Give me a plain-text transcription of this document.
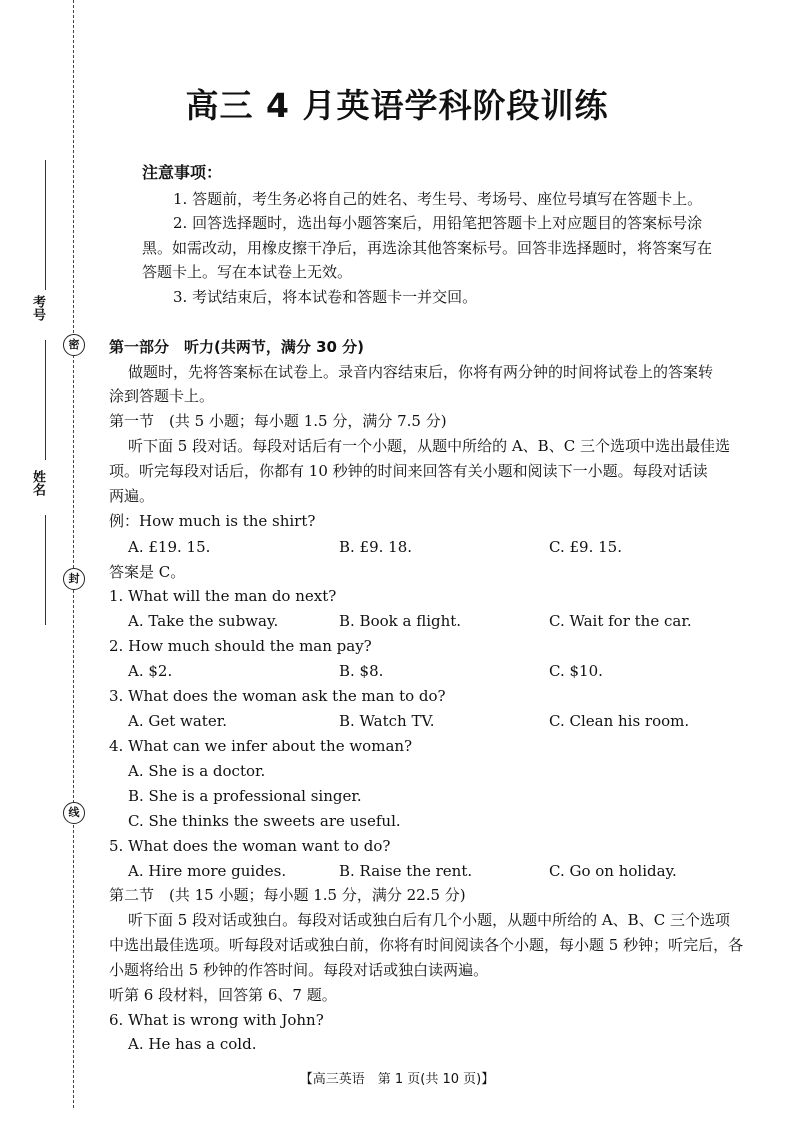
考号
姓名
密
封
线
高三 4 月英语学科阶段训练
注意事项：
1. 答题前，考生务必将自己的姓名、考生号、考场号、座位号填写在答题卡上。
2. 回答选择题时，选出每小题答案后，用铅笔把答题卡上对应题目的答案标号涂
黑。如需改动，用橡皮擦干净后，再选涂其他答案标号。回答非选择题时，将答案写在
答题卡上。写在本试卷上无效。
3. 考试结束后，将本试卷和答题卡一并交回。
第一部分　听力(共两节，满分 30 分)
做题时，先将答案标在试卷上。录音内容结束后，你将有两分钟的时间将试卷上的答案转
涂到答题卡上。
第一节　(共 5 小题；每小题 1.5 分，满分 7.5 分)
听下面 5 段对话。每段对话后有一个小题，从题中所给的 A、B、C 三个选项中选出最佳选
项。听完每段对话后，你都有 10 秒钟的时间来回答有关小题和阅读下一小题。每段对话读
两遍。
例：How much is the shirt?
A. £19. 15.	B. £9. 18.	C. £9. 15.
答案是 C。
1. What will the man do next?
A. Take the subway.	B. Book a flight.	C. Wait for the car.
2. How much should the man pay?
A. $2.	B. $8.	C. $10.
3. What does the woman ask the man to do?
A. Get water.	B. Watch TV.	C. Clean his room.
4. What can we infer about the woman?
A. She is a doctor.
B. She is a professional singer.
C. She thinks the sweets are useful.
5. What does the woman want to do?
A. Hire more guides.	B. Raise the rent.	C. Go on holiday.
第二节　(共 15 小题；每小题 1.5 分，满分 22.5 分)
听下面 5 段对话或独白。每段对话或独白后有几个小题，从题中所给的 A、B、C 三个选项
中选出最佳选项。听每段对话或独白前，你将有时间阅读各个小题，每小题 5 秒钟；听完后，各
小题将给出 5 秒钟的作答时间。每段对话或独白读两遍。
听第 6 段材料，回答第 6、7 题。
6. What is wrong with John?
A. He has a cold.
【高三英语　第 1 页(共 10 页)】
